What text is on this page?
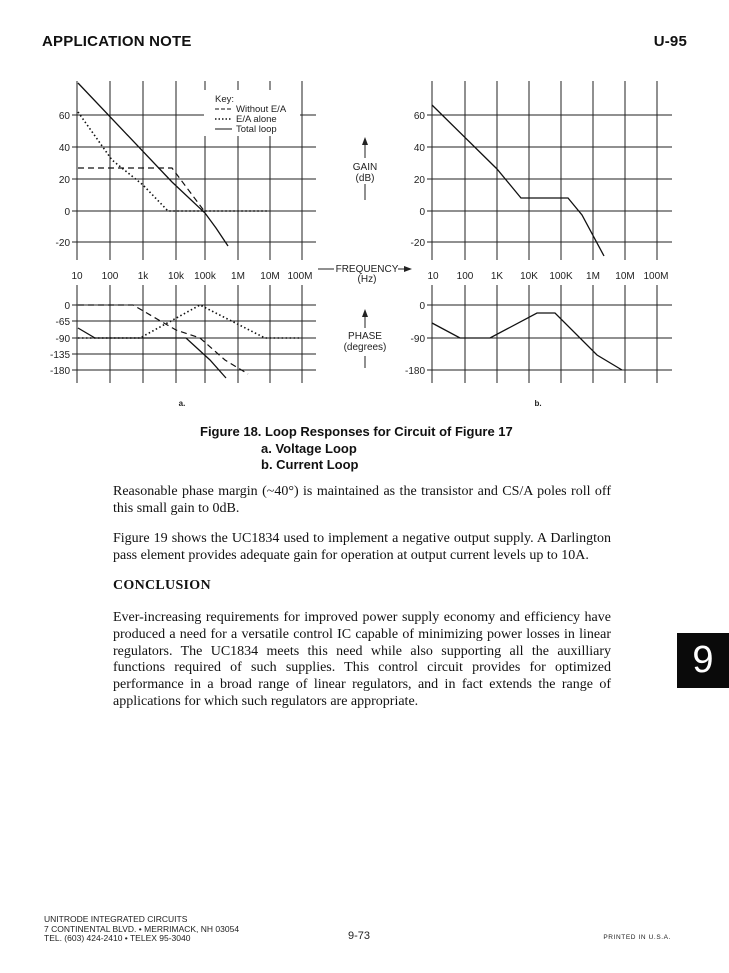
APPLICATION NOTE	U-95
Key:
Without E/A
E/A alone
Total loop
60
40
20
0
-20
0
-65
-90
-135
-180
60
40
20
0
-20
0
-90
-180
10 100 1k 10k 100k 1M 10M 100M	10 100 1K 10K 100K 1M 10M 100M
GAIN
(dB)
FREQUENCY
(Hz)
PHASE
(degrees)
a.	b.
Figure 18. Loop Responses for Circuit of Figure 17
a. Voltage Loop
b. Current Loop
Reasonable phase margin (~40°) is maintained as the transistor and CS/A poles roll off this small gain to 0dB.
Figure 19 shows the UC1834 used to implement a negative output supply. A Darlington pass element provides adequate gain for operation at output current levels up to 10A.
CONCLUSION
Ever-increasing requirements for improved power supply economy and efficiency have produced a need for a versatile control IC capable of minimizing power losses in linear regulators. The UC1834 meets this need while also supporting all the auxilliary functions required of such supplies. This control circuit provides for optimized performance in a broad range of linear regulators, and in fact extends the range of applications for which such regulators are appropriate.
9
UNITRODE INTEGRATED CIRCUITS
7 CONTINENTAL BLVD. • MERRIMACK, NH 03054
TEL. (603) 424-2410 • TELEX 95-3040	9-73	PRINTED IN U.S.A.
